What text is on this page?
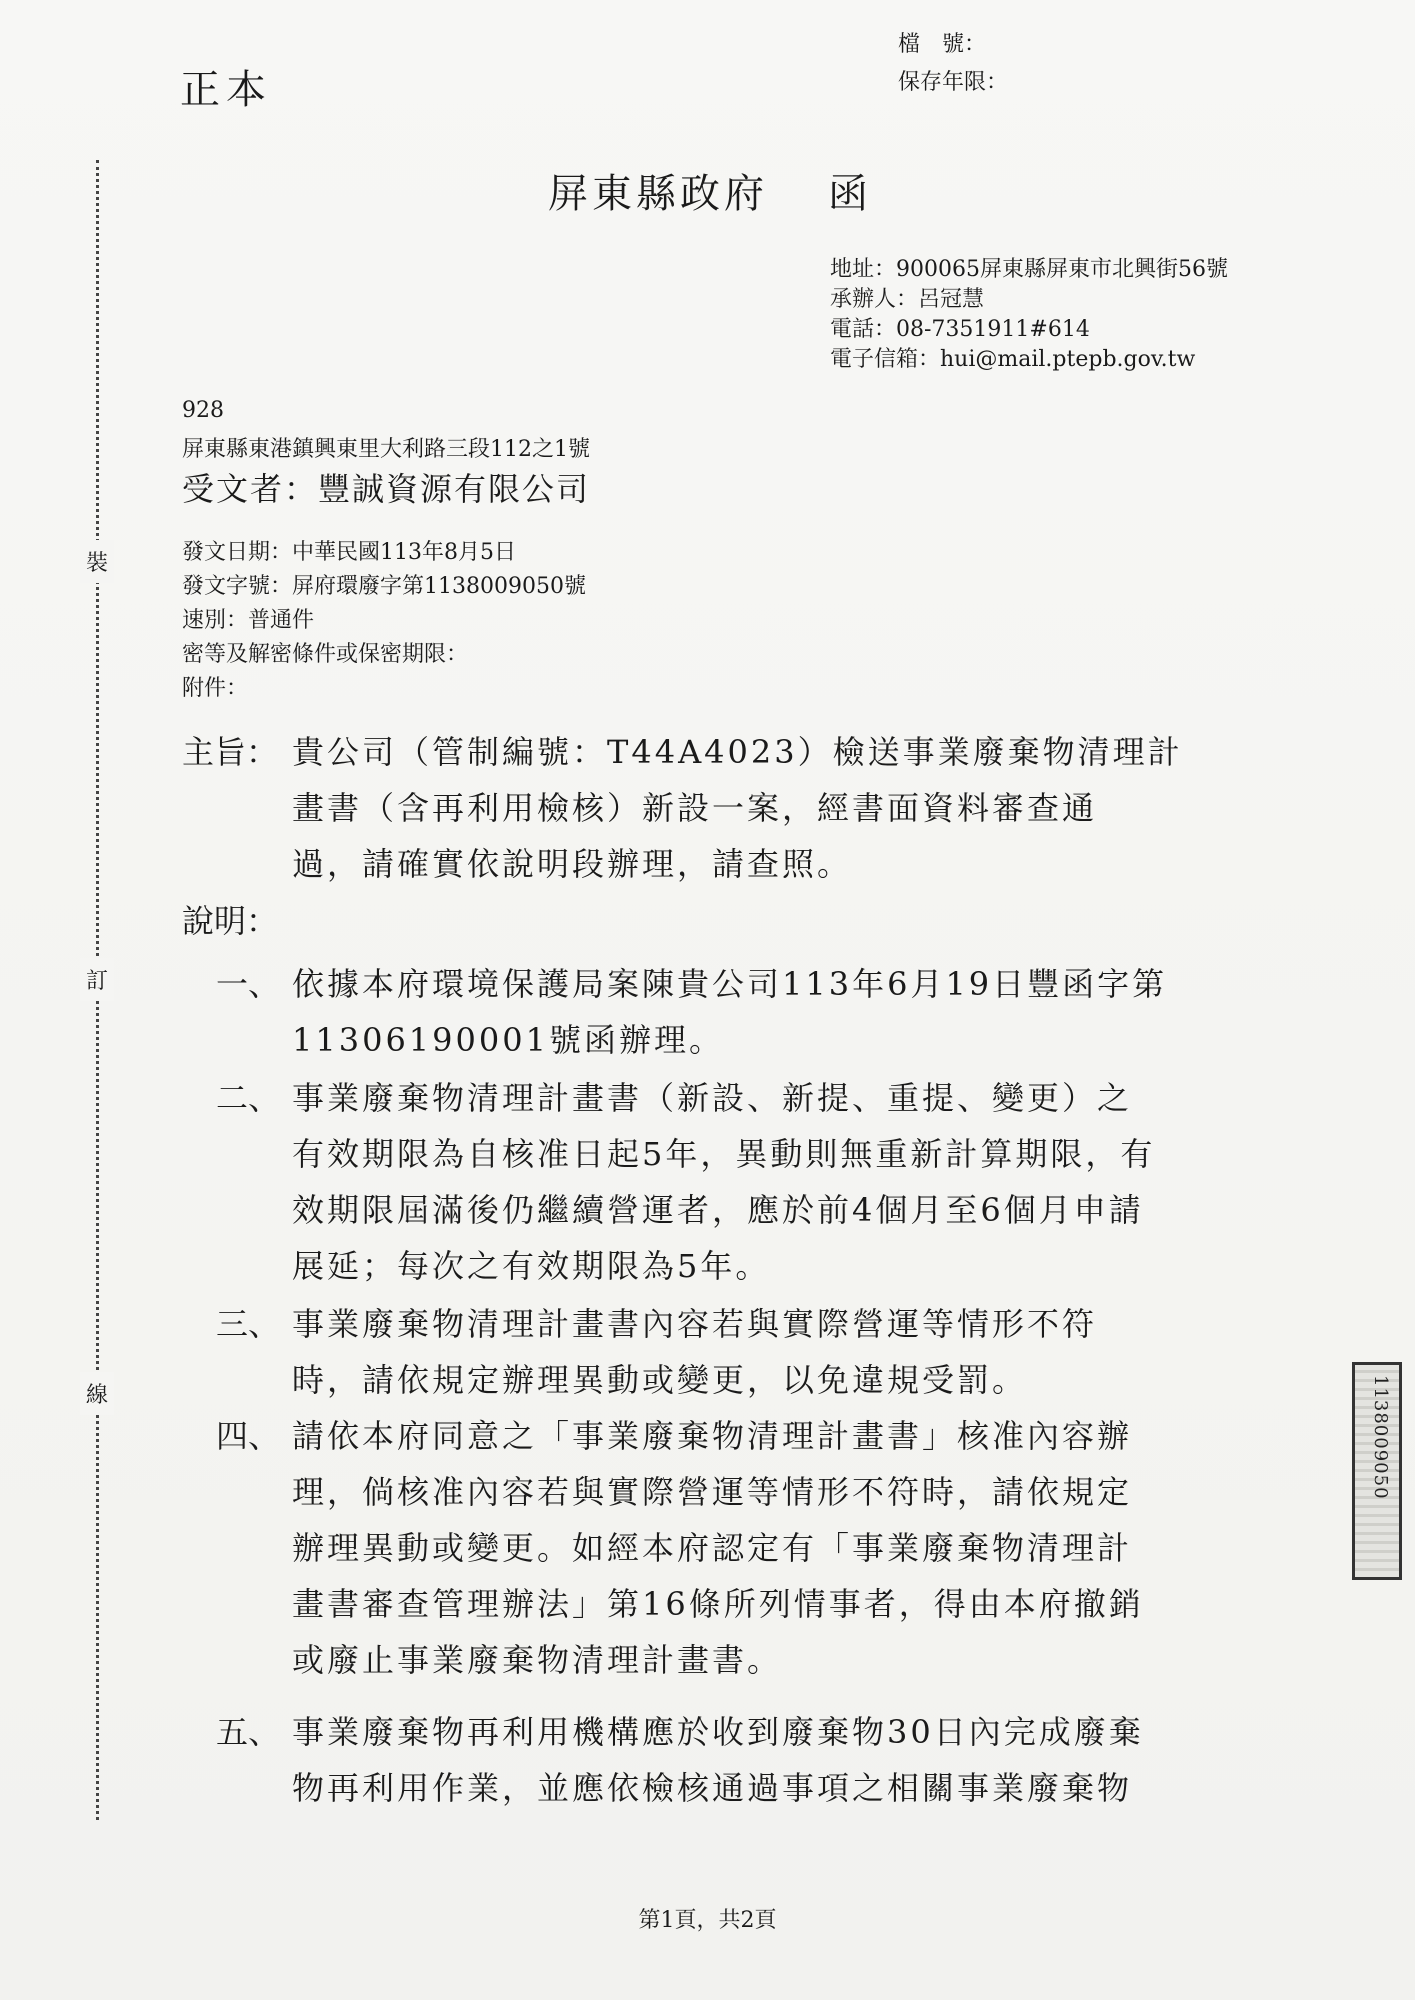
裝
訂
線
正本
檔　號：
保存年限：
屏東縣政府 函
地址：900065屏東縣屏東市北興街56號
承辦人：呂冠慧
電話：08-7351911#614
電子信箱：hui@mail.ptepb.gov.tw
928
屏東縣東港鎮興東里大利路三段112之1號
受文者：豐誠資源有限公司
發文日期：中華民國113年8月5日
發文字號：屏府環廢字第1138009050號
速別：普通件
密等及解密條件或保密期限：
附件：
主旨： 貴公司（管制編號：T44A4023）檢送事業廢棄物清理計
畫書（含再利用檢核）新設一案，經書面資料審查通
過，請確實依說明段辦理，請查照。
說明：
一、 依據本府環境保護局案陳貴公司113年6月19日豐函字第
11306190001號函辦理。
二、 事業廢棄物清理計畫書（新設、新提、重提、變更）之
有效期限為自核准日起5年，異動則無重新計算期限，有
效期限屆滿後仍繼續營運者，應於前4個月至6個月申請
展延；每次之有效期限為5年。
三、 事業廢棄物清理計畫書內容若與實際營運等情形不符
時，請依規定辦理異動或變更，以免違規受罰。
四、 請依本府同意之「事業廢棄物清理計畫書」核准內容辦
理，倘核准內容若與實際營運等情形不符時，請依規定
辦理異動或變更。如經本府認定有「事業廢棄物清理計
畫書審查管理辦法」第16條所列情事者，得由本府撤銷
或廢止事業廢棄物清理計畫書。
五、 事業廢棄物再利用機構應於收到廢棄物30日內完成廢棄
物再利用作業，並應依檢核通過事項之相關事業廢棄物
1138009050
第1頁，共2頁
